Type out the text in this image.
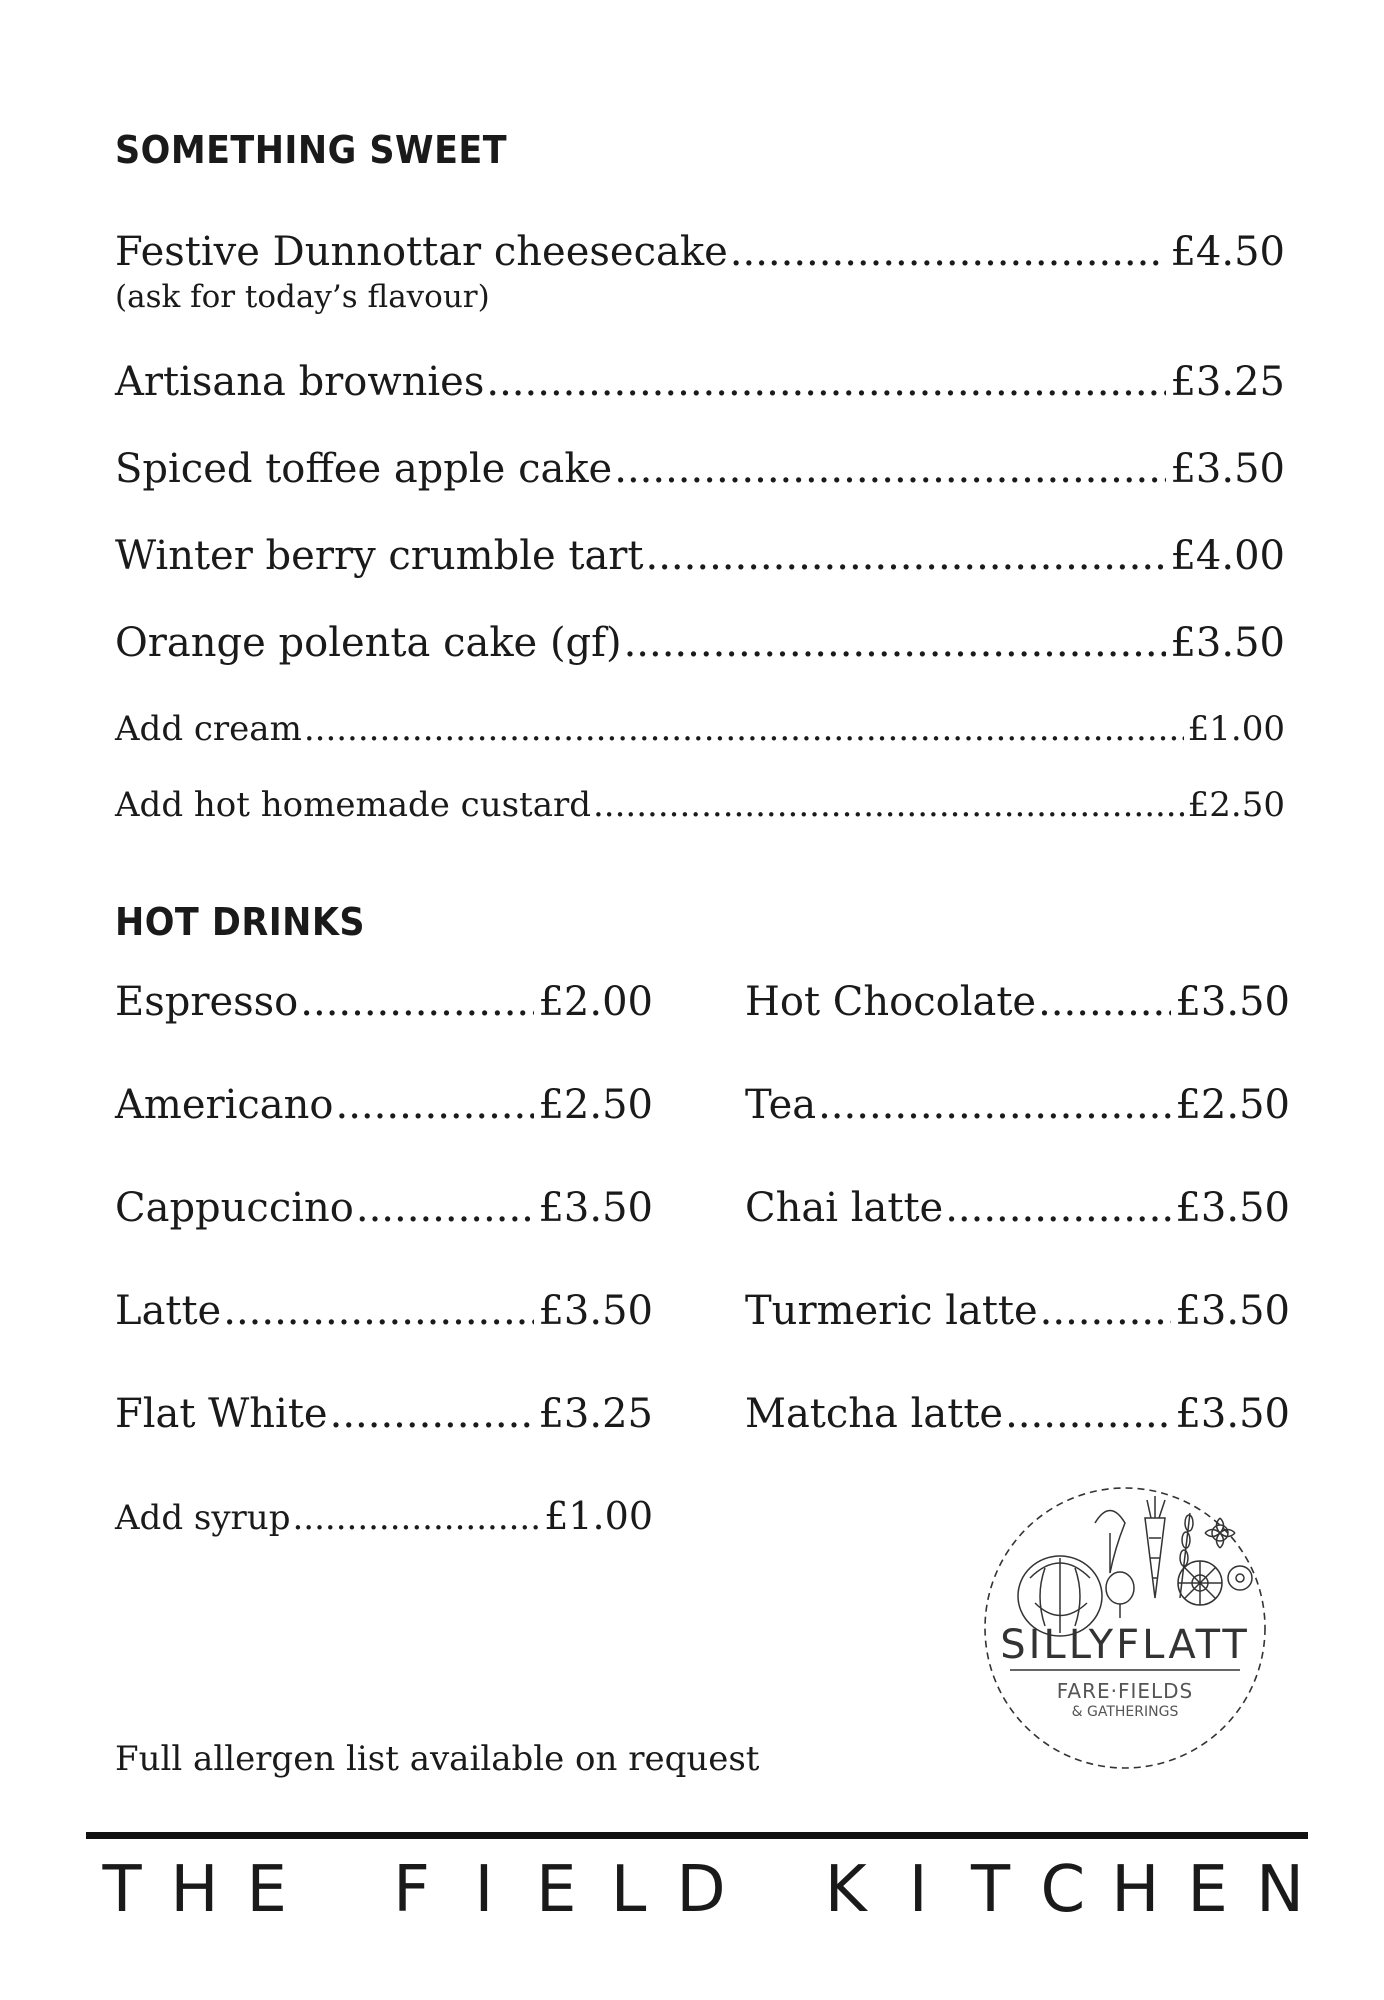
SOMETHING SWEET
Festive Dunnottar cheesecake .....	£4.50
(ask for today’s flavour)
Artisana brownies .....	£3.25
Spiced toffee apple cake .....	£3.50
Winter berry crumble tart .....	£4.00
Orange polenta cake (gf) .....	£3.50
Add cream .....	£1.00
Add hot homemade custard .....	£2.50
HOT DRINKS
Espresso .....	£2.00
Americano .....	£2.50
Cappuccino .....	£3.50
Latte .....	£3.50
Flat White .....	£3.25
Add syrup .....	£1.00
Hot Chocolate .....	£3.50
Tea .....	£2.50
Chai latte .....	£3.50
Turmeric latte .....	£3.50
Matcha latte .....	£3.50
SILLYFLATT
FARE·FIELDS
& GATHERINGS
Full allergen list available on request
T H E F I E L D K I T C H E N
